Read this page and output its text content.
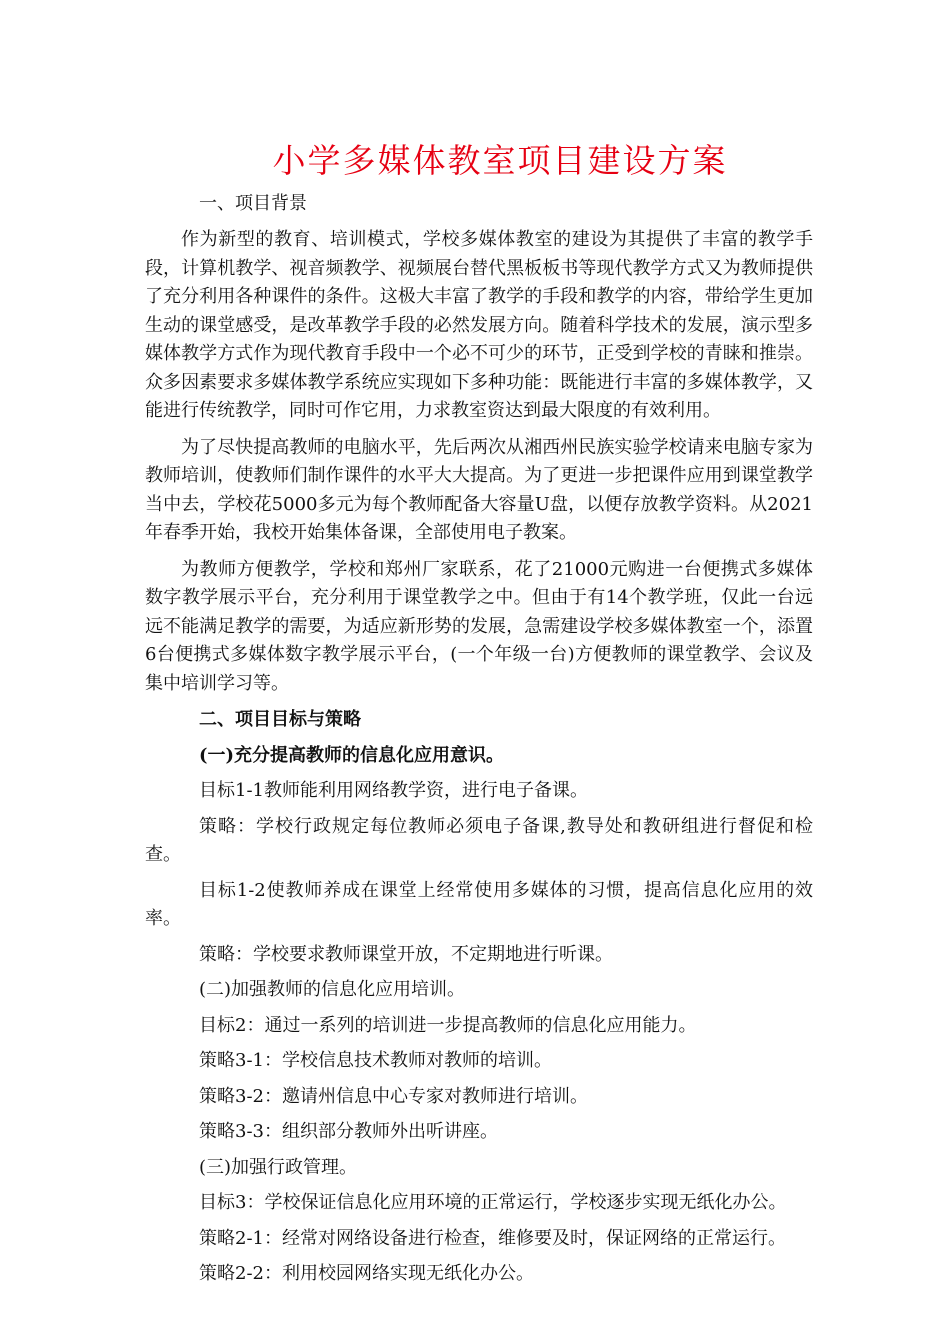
小学多媒体教室项目建设方案
一、项目背景
作为新型的教育、培训模式，学校多媒体教室的建设为其提供了丰富的教学手段，计算机教学、视音频教学、视频展台替代黑板板书等现代教学方式又为教师提供了充分利用各种课件的条件。这极大丰富了教学的手段和教学的内容，带给学生更加生动的课堂感受，是改革教学手段的必然发展方向。随着科学技术的发展，演示型多媒体教学方式作为现代教育手段中一个必不可少的环节，正受到学校的青睐和推崇。众多因素要求多媒体教学系统应实现如下多种功能：既能进行丰富的多媒体教学，又能进行传统教学，同时可作它用，力求教室资达到最大限度的有效利用。
为了尽快提高教师的电脑水平，先后两次从湘西州民族实验学校请来电脑专家为教师培训，使教师们制作课件的水平大大提高。为了更进一步把课件应用到课堂教学当中去，学校花5000多元为每个教师配备大容量U盘，以便存放教学资料。从2021年春季开始，我校开始集体备课，全部使用电子教案。
为教师方便教学，学校和郑州厂家联系，花了21000元购进一台便携式多媒体数字教学展示平台，充分利用于课堂教学之中。但由于有14个教学班，仅此一台远远不能满足教学的需要，为适应新形势的发展，急需建设学校多媒体教室一个，添置6台便携式多媒体数字教学展示平台，(一个年级一台)方便教师的课堂教学、会议及集中培训学习等。
二、项目目标与策略
(一)充分提高教师的信息化应用意识。
目标1-1教师能利用网络教学资，进行电子备课。
策略：学校行政规定每位教师必须电子备课,教导处和教研组进行督促和检查。
目标1-2使教师养成在课堂上经常使用多媒体的习惯，提高信息化应用的效率。
策略：学校要求教师课堂开放，不定期地进行听课。
(二)加强教师的信息化应用培训。
目标2：通过一系列的培训进一步提高教师的信息化应用能力。
策略3-1：学校信息技术教师对教师的培训。
策略3-2：邀请州信息中心专家对教师进行培训。
策略3-3：组织部分教师外出听讲座。
(三)加强行政管理。
目标3：学校保证信息化应用环境的正常运行，学校逐步实现无纸化办公。
策略2-1：经常对网络设备进行检查，维修要及时，保证网络的正常运行。
策略2-2：利用校园网络实现无纸化办公。
